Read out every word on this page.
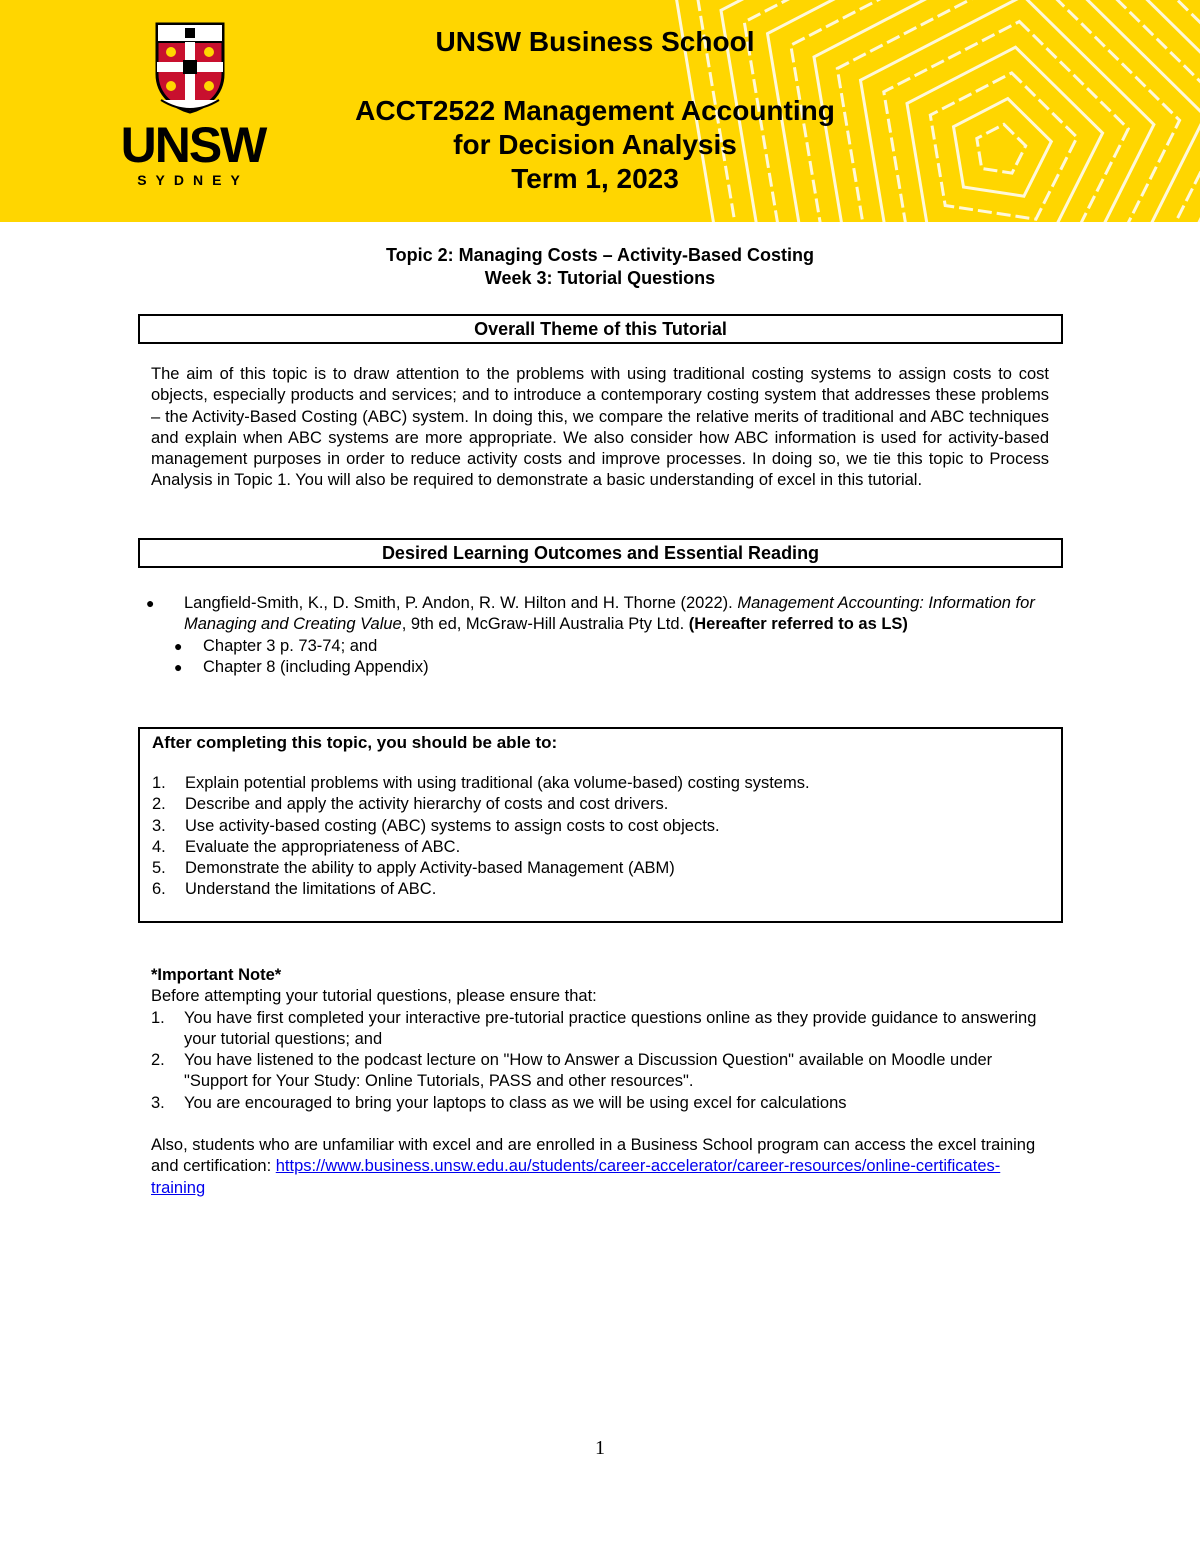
UNSW
SYDNEY
UNSW Business School
ACCT2522 Management Accounting
for Decision Analysis
Term 1, 2023
Topic 2: Managing Costs – Activity-Based Costing
Week 3: Tutorial Questions
Overall Theme of this Tutorial

The aim of this topic is to draw attention to the problems with using traditional costing systems to assign costs to cost objects, especially products and services; and to introduce a contemporary costing system that addresses these problems – the Activity-Based Costing (ABC) system. In doing this, we compare the relative merits of traditional and ABC techniques and explain when ABC systems are more appropriate. We also consider how ABC information is used for activity-based management purposes in order to reduce activity costs and improve processes. In doing so, we tie this topic to Process Analysis in Topic 1. You will also be required to demonstrate a basic understanding of excel in this tutorial.

Desired Learning Outcomes and Essential Reading
● Langfield-Smith, K., D. Smith, P. Andon, R. W. Hilton and H. Thorne (2022). Management Accounting: Information for Managing and Creating Value, 9th ed, McGraw-Hill Australia Pty Ltd. (Hereafter referred to as LS)
● Chapter 3 p. 73-74; and
● Chapter 8 (including Appendix)
After completing this topic, you should be able to:
1. Explain potential problems with using traditional (aka volume-based) costing systems.
2. Describe and apply the activity hierarchy of costs and cost drivers.
3. Use activity-based costing (ABC) systems to assign costs to cost objects.
4. Evaluate the appropriateness of ABC.
5. Demonstrate the ability to apply Activity-based Management (ABM)
6. Understand the limitations of ABC.
*Important Note*
Before attempting your tutorial questions, please ensure that:
1. You have first completed your interactive pre-tutorial practice questions online as they provide guidance to answering your tutorial questions; and
2. You have listened to the podcast lecture on "How to Answer a Discussion Question" available on Moodle under "Support for Your Study: Online Tutorials, PASS and other resources".
3. You are encouraged to bring your laptops to class as we will be using excel for calculations
Also, students who are unfamiliar with excel and are enrolled in a Business School program can access the excel training and certification: https://www.business.unsw.edu.au/students/career-accelerator/career-resources/online-certificates-training
1
